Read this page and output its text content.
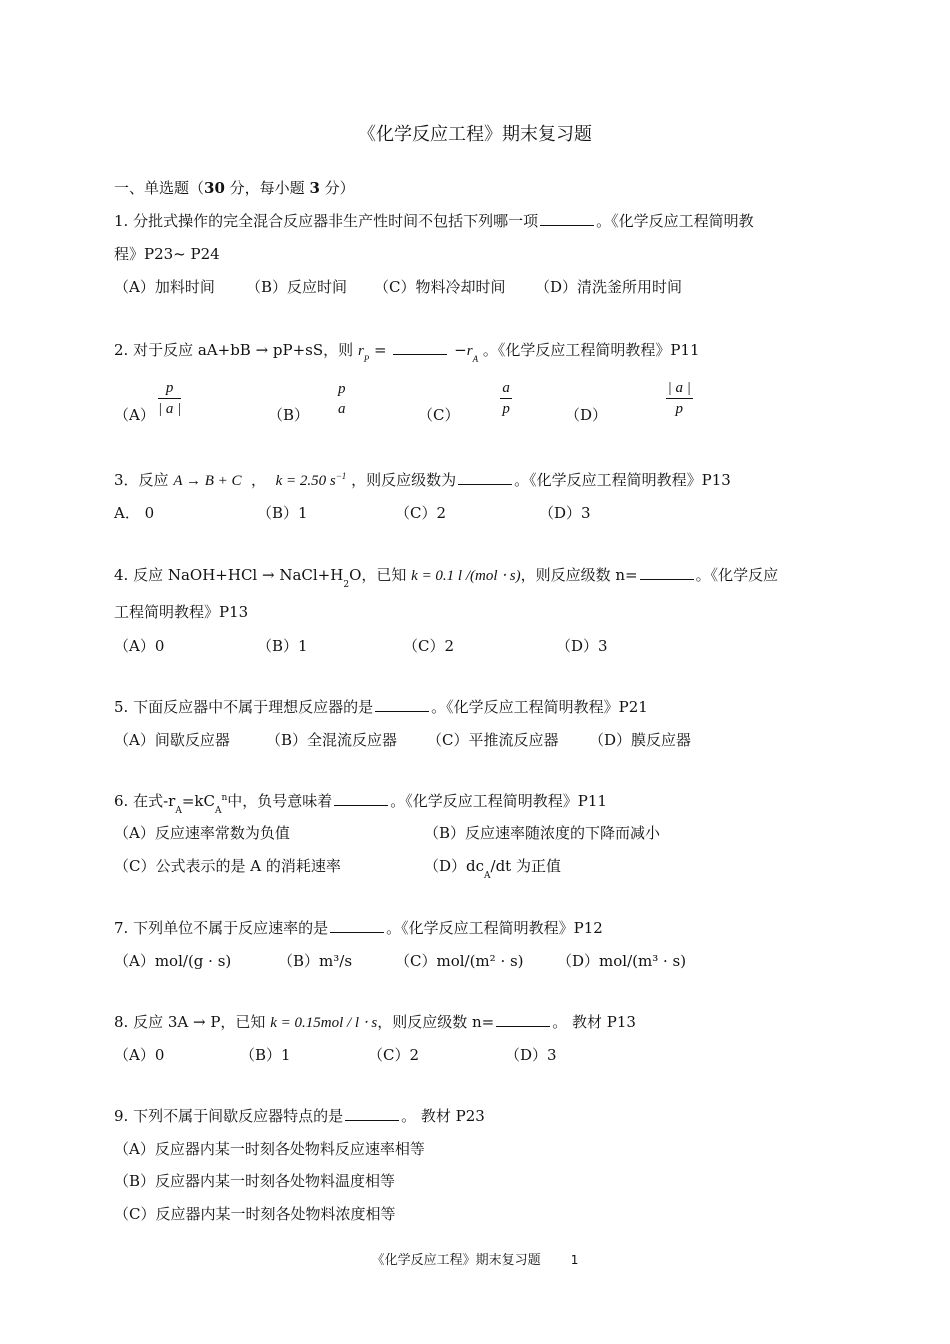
《化学反应工程》期末复习题
一、单选题（30 分，每小题 3 分）
1. 分批式操作的完全混合反应器非生产性时间不包括下列哪一项	。《化学反应工程简明教
程》P23~ P24
（A）加料时间 （B）反应时间 （C）物料冷却时间 （D）清洗釜所用时间
2. 对于反应 aA+bB → pP+sS，则 $r_P$ =	$-r_A$ 。《化学反应工程简明教程》P11
$(A) \frac{p}{| a |}$
	（B）
p
a
	（C）	$\frac{a}{p}$
	（D）	$\frac{| a |}{p}$
3．反应 A → B + C ， k = 2.50 $s^{-1}$ ，则反应级数为	。《化学反应工程简明教程》P13
A． 0	（B）1	（C）2	（D）3
4. 反应 NaOH+HCl → $NaCl+H_2O$，已知 k = 0.1 l /(mol ⋅ s)，则反应级数 n=	。《化学反应
工程简明教程》P13
（A）0	（B）1	（C）2	（D）3
5. 下面反应器中不属于理想反应器的是	。《化学反应工程简明教程》P21
（A）间歇反应器 （B）全混流反应器 （C）平推流反应器 （D）膜反应器
6. 在式$-r_A=kC_A^n$中，负号意味着	。《化学反应工程简明教程》P11
（A）反应速率常数为负值	（B）反应速率随浓度的下降而减小
（C）公式表示的是 A 的消耗速率	$(D)dc_A/dt$ 为正值
7. 下列单位不属于反应速率的是	。《化学反应工程简明教程》P12
（A）mol/(g · s)	（B）m³/s	（C）mol/(m² · s) （D）mol/(m³ · s)
8. 反应 3A → P，已知 k = 0.15mol / l ⋅ s，则反应级数 n=	。 教材 P13
（A）0	（B）1	（C）2	（D）3
9. 下列不属于间歇反应器特点的是	。 教材 P23
（A）反应器内某一时刻各处物料反应速率相等
（B）反应器内某一时刻各处物料温度相等
（C）反应器内某一时刻各处物料浓度相等
《化学反应工程》期末复习题	1
